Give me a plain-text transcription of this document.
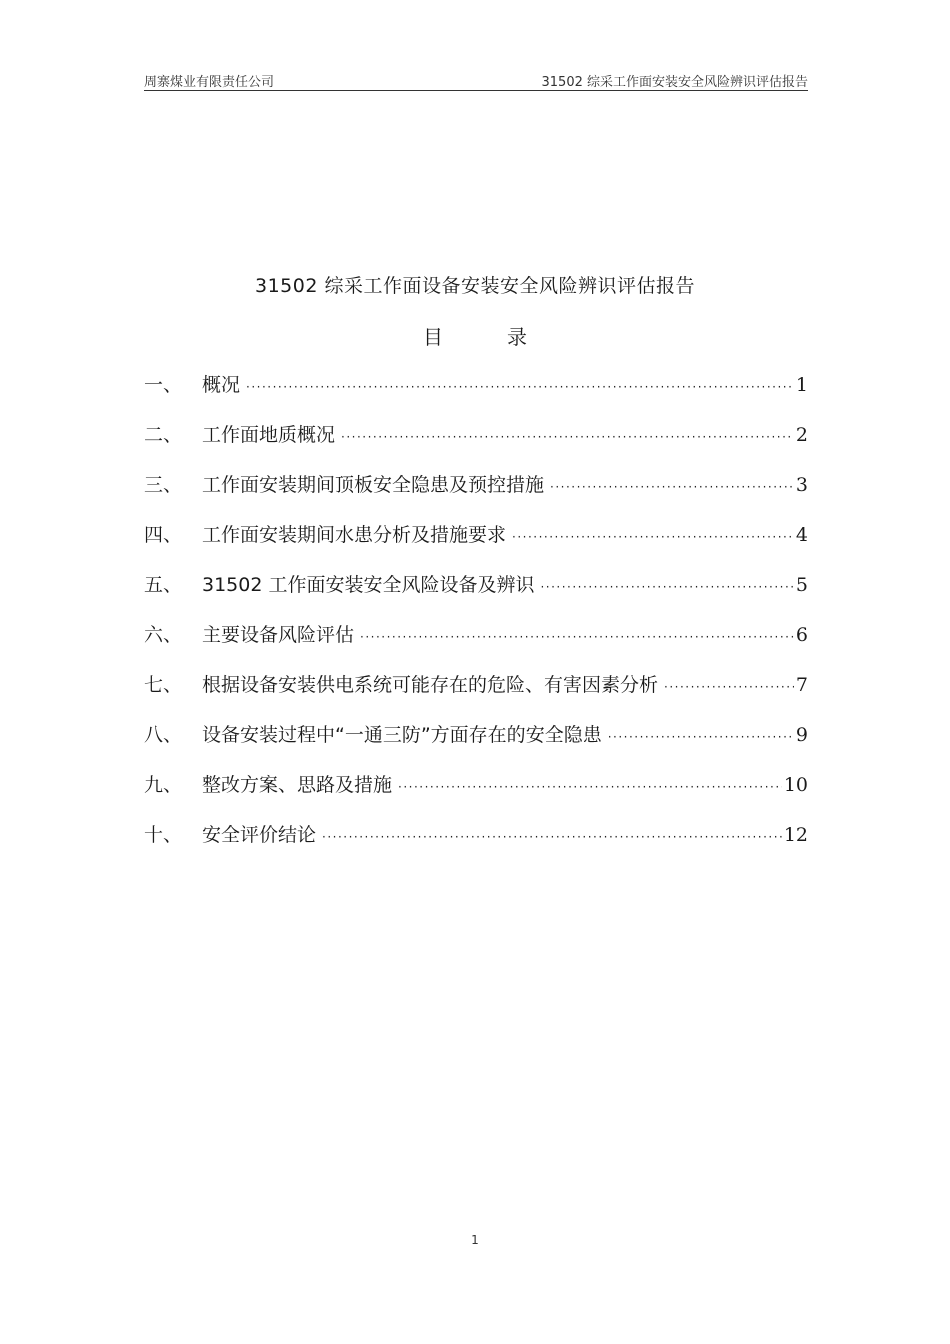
周寨煤业有限责任公司	31502 综采工作面安装安全风险辨识评估报告
31502 综采工作面设备安装安全风险辨识评估报告
目	录
一、	概况 ·····	1
二、	工作面地质概况 ·····	2
三、	工作面安装期间顶板安全隐患及预控措施 ·····	3
四、	工作面安装期间水患分析及措施要求 ·····	4
五、	31502 工作面安装安全风险设备及辨识 ·····	5
六、	主要设备风险评估 ·····	6
七、	根据设备安装供电系统可能存在的危险、有害因素分析 ·····	7
八、	设备安装过程中“一通三防”方面存在的安全隐患 ·····	9
九、	整改方案、思路及措施 ·····	10
十、	安全评价结论 ·····	12
1
